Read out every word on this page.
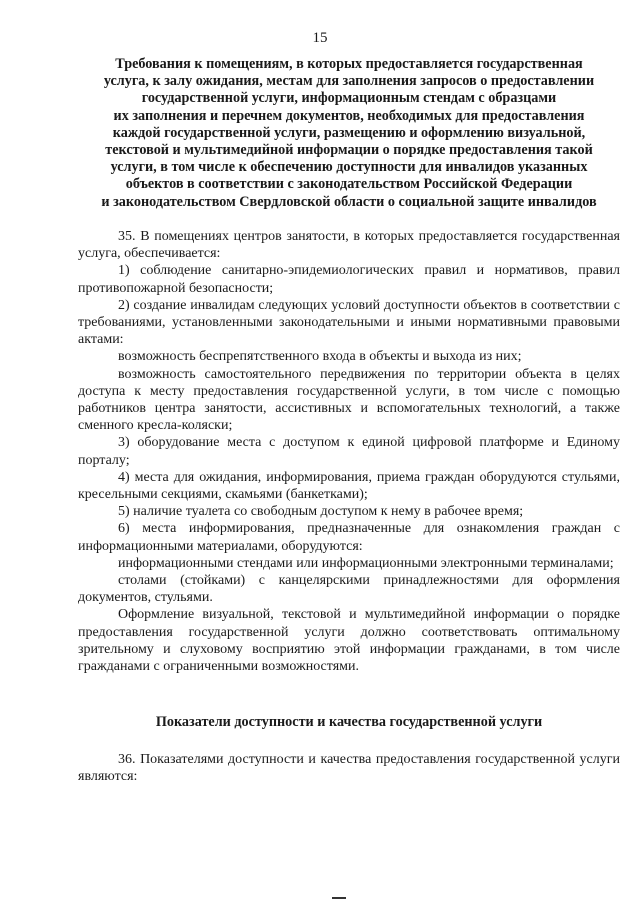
15
Требования к помещениям, в которых предоставляется государственная
услуга, к залу ожидания, местам для заполнения запросов о предоставлении
государственной услуги, информационным стендам с образцами
их заполнения и перечнем документов, необходимых для предоставления
каждой государственной услуги, размещению и оформлению визуальной,
текстовой и мультимедийной информации о порядке предоставления такой
услуги, в том числе к обеспечению доступности для инвалидов указанных
объектов в соответствии с законодательством Российской Федерации
и законодательством Свердловской области о социальной защите инвалидов

35. В помещениях центров занятости, в которых предоставляется государственная услуга, обеспечивается:

1) соблюдение санитарно-эпидемиологических правил и нормативов, правил противопожарной безопасности;

2) создание инвалидам следующих условий доступности объектов в соответствии с требованиями, установленными законодательными и иными нормативными правовыми актами:

возможность беспрепятственного входа в объекты и выхода из них;

возможность самостоятельного передвижения по территории объекта в целях доступа к месту предоставления государственной услуги, в том числе с помощью работников центра занятости, ассистивных и вспомогательных технологий, а также сменного кресла-коляски;

3) оборудование места с доступом к единой цифровой платформе и Единому порталу;

4) места для ожидания, информирования, приема граждан оборудуются стульями, кресельными секциями, скамьями (банкетками);

5) наличие туалета со свободным доступом к нему в рабочее время;

6) места информирования, предназначенные для ознакомления граждан с информационными материалами, оборудуются:

информационными стендами или информационными электронными терминалами;

столами (стойками) с канцелярскими принадлежностями для оформления документов, стульями.

Оформление визуальной, текстовой и мультимедийной информации о порядке предоставления государственной услуги должно соответствовать оптимальному зрительному и слуховому восприятию этой информации гражданами, в том числе гражданами с ограниченными возможностями.

Показатели доступности и качества государственной услуги

36. Показателями доступности и качества предоставления государственной услуги являются:
